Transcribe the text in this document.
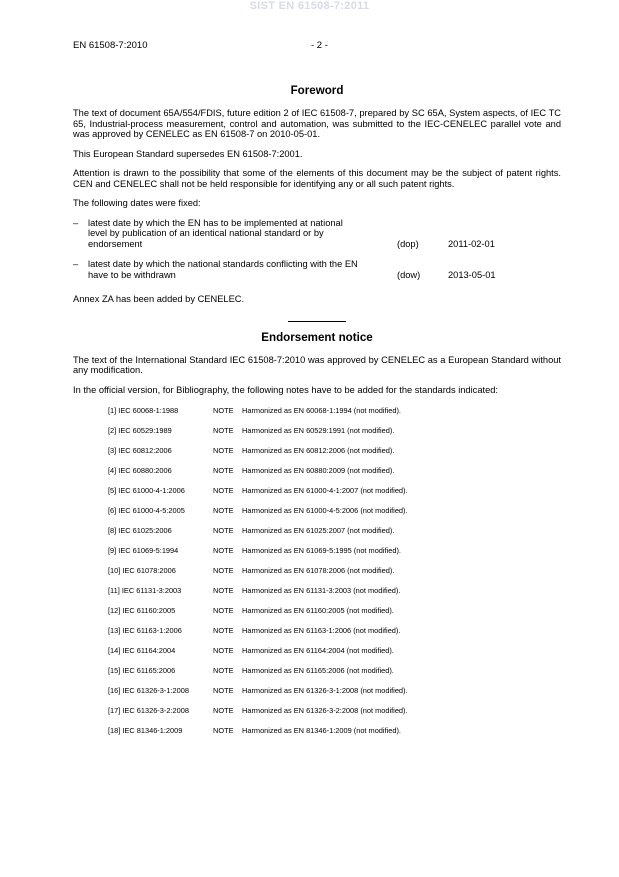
SIST EN 61508-7:2011
EN 61508-7:2010	- 2 -
Foreword

The text of document 65A/554/FDIS, future edition 2 of IEC 61508-7, prepared by SC 65A, System aspects, of IEC TC 65, Industrial-process measurement, control and automation, was submitted to the IEC-CENELEC parallel vote and was approved by CENELEC as EN 61508-7 on 2010-05-01.

This European Standard supersedes EN 61508-7:2001.

Attention is drawn to the possibility that some of the elements of this document may be the subject of patent rights. CEN and CENELEC shall not be held responsible for identifying any or all such patent rights.

The following dates were fixed:

– latest date by which the EN has to be implemented at national level by publication of an identical national standard or by endorsement	(dop)	2011-02-01
– latest date by which the national standards conflicting with the EN have to be withdrawn	(dow)	2013-05-01

Annex ZA has been added by CENELEC.

Endorsement notice

The text of the International Standard IEC 61508-7:2010 was approved by CENELEC as a European Standard without any modification.

In the official version, for Bibliography, the following notes have to be added for the standards indicated:

[1] IEC 60068-1:1988	NOTE Harmonized as EN 60068-1:1994 (not modified).
[2] IEC 60529:1989	NOTE Harmonized as EN 60529:1991 (not modified).
[3] IEC 60812:2006	NOTE Harmonized as EN 60812:2006 (not modified).
[4] IEC 60880:2006	NOTE Harmonized as EN 60880:2009 (not modified).
[5] IEC 61000-4-1:2006	NOTE Harmonized as EN 61000-4-1:2007 (not modified).
[6] IEC 61000-4-5:2005	NOTE Harmonized as EN 61000-4-5:2006 (not modified).
[8] IEC 61025:2006	NOTE Harmonized as EN 61025:2007 (not modified).
[9] IEC 61069-5:1994	NOTE Harmonized as EN 61069-5:1995 (not modified).
[10] IEC 61078:2006	NOTE Harmonized as EN 61078:2006 (not modified).
[11] IEC 61131-3:2003	NOTE Harmonized as EN 61131-3:2003 (not modified).
[12] IEC 61160:2005	NOTE Harmonized as EN 61160:2005 (not modified).
[13] IEC 61163-1:2006	NOTE Harmonized as EN 61163-1:2006 (not modified).
[14] IEC 61164:2004	NOTE Harmonized as EN 61164:2004 (not modified).
[15] IEC 61165:2006	NOTE Harmonized as EN 61165:2006 (not modified).
[16] IEC 61326-3-1:2008	NOTE Harmonized as EN 61326-3-1:2008 (not modified).
[17] IEC 61326-3-2:2008	NOTE Harmonized as EN 61326-3-2:2008 (not modified).
[18] IEC 81346-1:2009	NOTE Harmonized as EN 81346-1:2009 (not modified).
